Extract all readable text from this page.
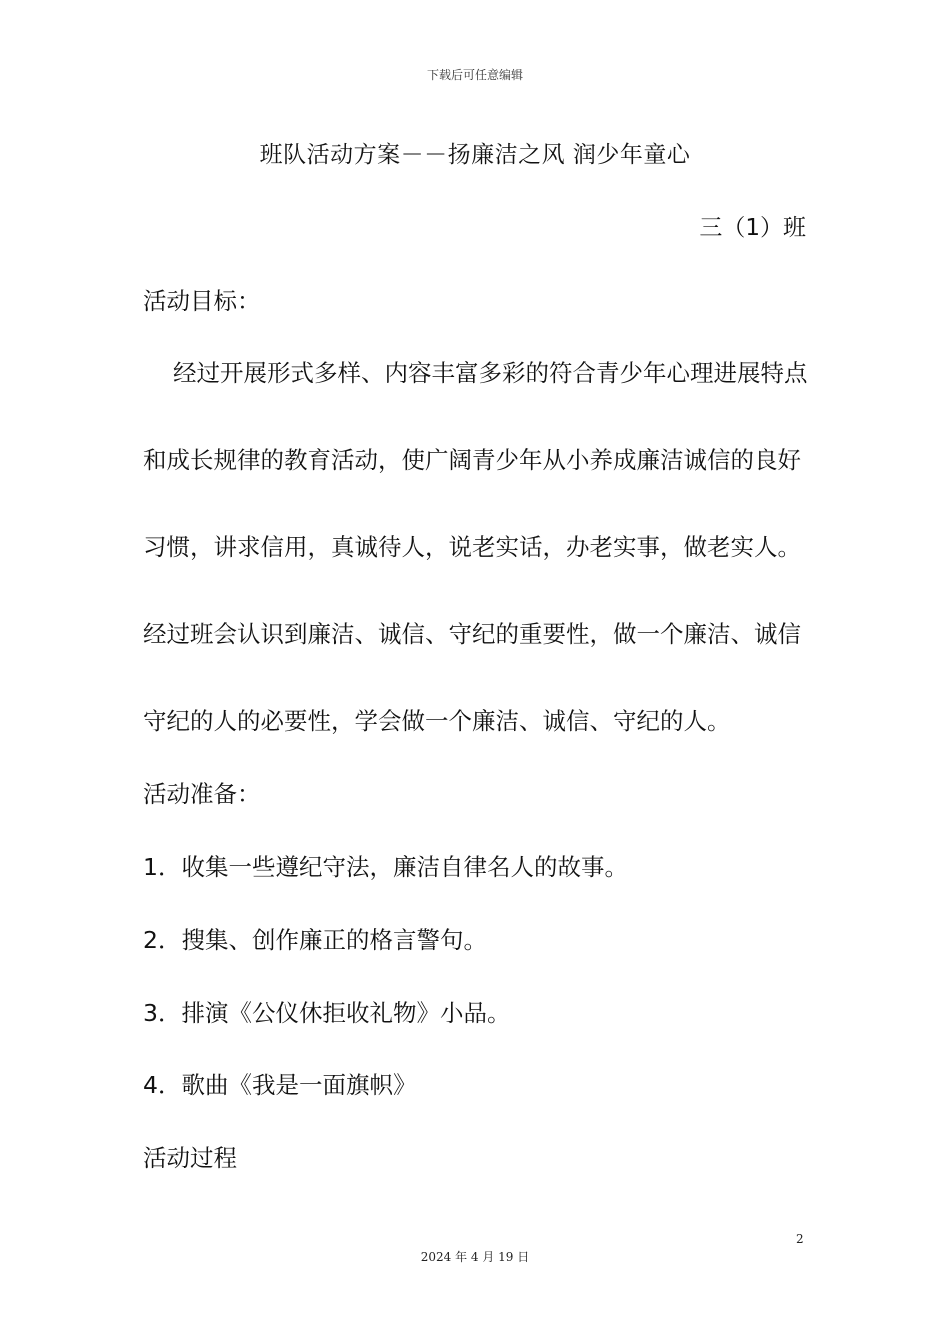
下载后可任意编辑
班队活动方案－－扬廉洁之风 润少年童心
三（1）班
活动目标：
经过开展形式多样、内容丰富多彩的符合青少年心理进展特点
和成长规律的教育活动，使广阔青少年从小养成廉洁诚信的良好
习惯，讲求信用，真诚待人，说老实话，办老实事，做老实人。
经过班会认识到廉洁、诚信、守纪的重要性，做一个廉洁、诚信
守纪的人的必要性，学会做一个廉洁、诚信、守纪的人。
活动准备：
1．收集一些遵纪守法，廉洁自律名人的故事。
2．搜集、创作廉正的格言警句。
3．排演《公仪休拒收礼物》小品。
4．歌曲《我是一面旗帜》
活动过程
2
2024 年 4 月 19 日
